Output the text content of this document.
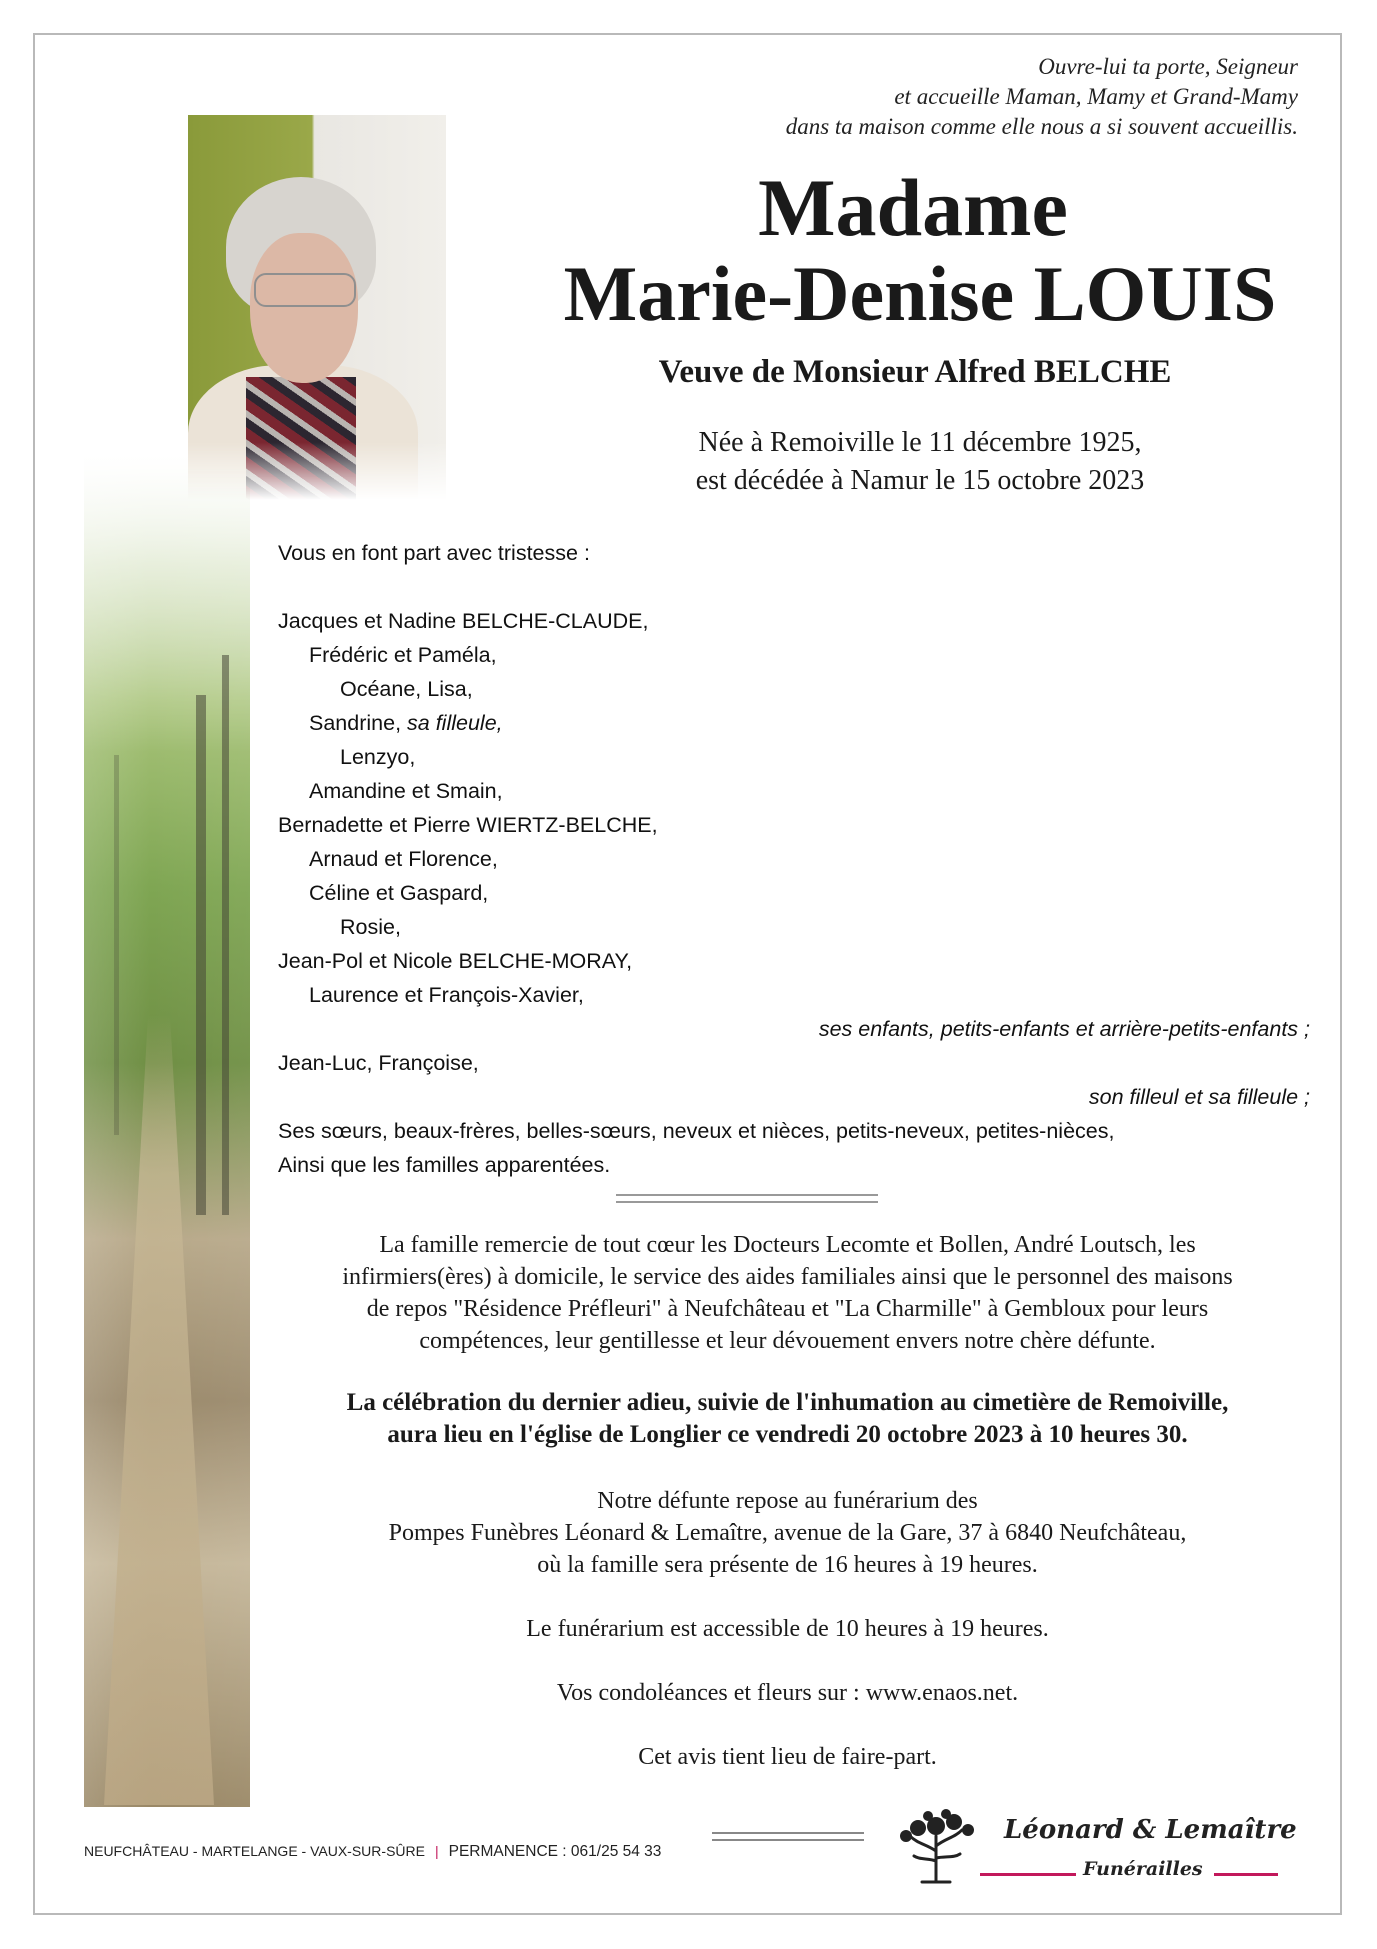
Ouvre-lui ta porte, Seigneur
et accueille Maman, Mamy et Grand-Mamy
dans ta maison comme elle nous a si souvent accueillis.
Madame
Marie-Denise LOUIS
Veuve de Monsieur Alfred BELCHE
Née à Remoiville le 11 décembre 1925,
est décédée à Namur le 15 octobre 2023
Vous en font part avec tristesse :
Jacques et Nadine BELCHE-CLAUDE,
Frédéric et Paméla,
Océane, Lisa,
Sandrine, sa filleule,
Lenzyo,
Amandine et Smain,
Bernadette et Pierre WIERTZ-BELCHE,
Arnaud et Florence,
Céline et Gaspard,
Rosie,
Jean-Pol et Nicole BELCHE-MORAY,
Laurence et François-Xavier,
ses enfants, petits-enfants et arrière-petits-enfants ;
Jean-Luc, Françoise,
son filleul et sa filleule ;
Ses sœurs, beaux-frères, belles-sœurs, neveux et nièces, petits-neveux, petites-nièces,
Ainsi que les familles apparentées.
La famille remercie de tout cœur les Docteurs Lecomte et Bollen, André Loutsch, les
infirmiers(ères) à domicile, le service des aides familiales ainsi que le personnel des maisons
de repos "Résidence Préfleuri" à Neufchâteau et "La Charmille" à Gembloux pour leurs
compétences, leur gentillesse et leur dévouement envers notre chère défunte.
La célébration du dernier adieu, suivie de l'inhumation au cimetière de Remoiville,
aura lieu en l'église de Longlier ce vendredi 20 octobre 2023 à 10 heures 30.
Notre défunte repose au funérarium des
Pompes Funèbres Léonard & Lemaître, avenue de la Gare, 37 à 6840 Neufchâteau,
où la famille sera présente de 16 heures à 19 heures.
Le funérarium est accessible de 10 heures à 19 heures.
Vos condoléances et fleurs sur : www.enaos.net.
Cet avis tient lieu de faire-part.
NEUFCHÂTEAU - MARTELANGE - VAUX-SUR-SÛRE | PERMANENCE : 061/25 54 33
Léonard & Lemaître
Funérailles
